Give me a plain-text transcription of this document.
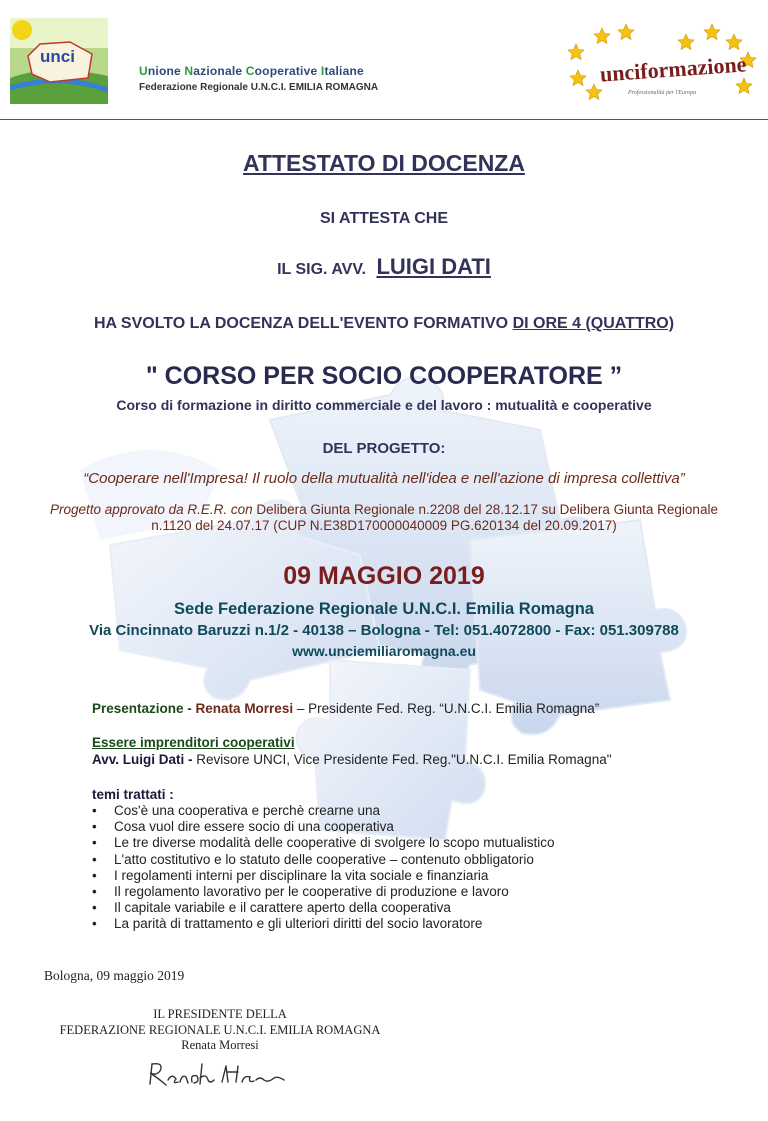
unci
Unione Nazionale Cooperative Italiane
Federazione Regionale U.N.C.I. EMILIA ROMAGNA
unciformazione
Professionalità per l'Europa
ATTESTATO DI DOCENZA
SI ATTESTA CHE
IL SIG. AVV. LUIGI DATI
HA SVOLTO LA DOCENZA DELL'EVENTO FORMATIVO DI ORE 4 (QUATTRO)
" CORSO PER SOCIO COOPERATORE ”
Corso di formazione in diritto commerciale e del lavoro : mutualità e cooperative
DEL PROGETTO:
“Cooperare nell'Impresa! Il ruolo della mutualità nell'idea e nell'azione di impresa collettiva”
Progetto approvato da R.E.R. con Delibera Giunta Regionale n.2208 del 28.12.17 su Delibera Giunta Regionale
n.1120 del 24.07.17 (CUP N.E38D170000040009 PG.620134 del 20.09.2017)
09 MAGGIO 2019
Sede Federazione Regionale U.N.C.I. Emilia Romagna
Via Cincinnato Baruzzi n.1/2 - 40138 – Bologna - Tel: 051.4072800 - Fax: 051.309788
www.unciemiliaromagna.eu
Presentazione - Renata Morresi – Presidente Fed. Reg. “U.N.C.I. Emilia Romagna”
Essere imprenditori cooperativi
Avv. Luigi Dati - Revisore UNCI, Vice Presidente Fed. Reg."U.N.C.I. Emilia Romagna"
temi trattati :
• Cos'è una cooperativa e perchè crearne una
• Cosa vuol dire essere socio di una cooperativa
• Le tre diverse modalità delle cooperative di svolgere lo scopo mutualistico
• L'atto costitutivo e lo statuto delle cooperative – contenuto obbligatorio
• I regolamenti interni per disciplinare la vita sociale e finanziaria
• Il regolamento lavorativo per le cooperative di produzione e lavoro
• Il capitale variabile e il carattere aperto della cooperativa
• La parità di trattamento e gli ulteriori diritti del socio lavoratore
Bologna, 09 maggio 2019
IL PRESIDENTE DELLA
FEDERAZIONE REGIONALE U.N.C.I. EMILIA ROMAGNA
Renata Morresi
